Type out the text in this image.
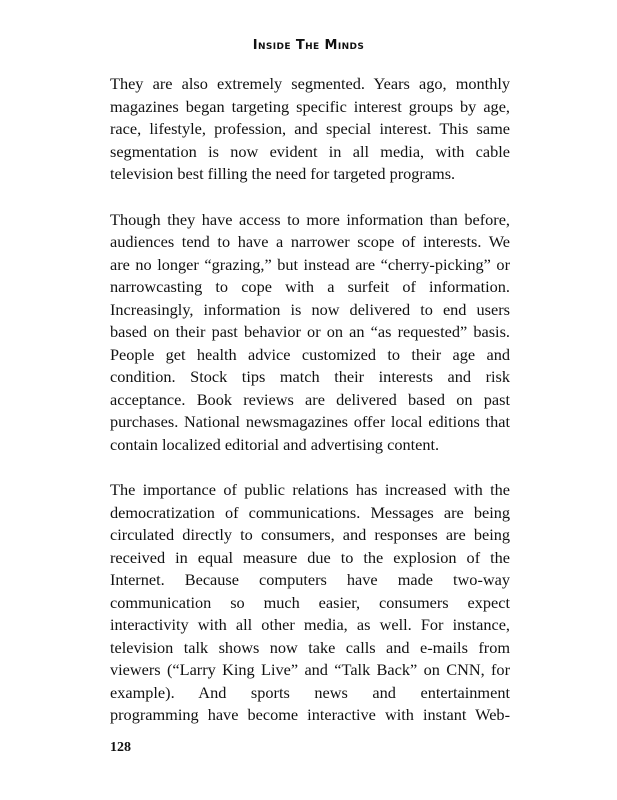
Inside The Minds
They are also extremely segmented. Years ago, monthly
magazines began targeting specific interest groups by age,
race, lifestyle, profession, and special interest. This same
segmentation is now evident in all media, with cable
television best filling the need for targeted programs.
Though they have access to more information than before,
audiences tend to have a narrower scope of interests. We
are no longer “grazing,” but instead are “cherry-picking” or
narrowcasting to cope with a surfeit of information.
Increasingly, information is now delivered to end users
based on their past behavior or on an “as requested” basis.
People get health advice customized to their age and
condition. Stock tips match their interests and risk
acceptance. Book reviews are delivered based on past
purchases. National newsmagazines offer local editions that
contain localized editorial and advertising content.
The importance of public relations has increased with the
democratization of communications. Messages are being
circulated directly to consumers, and responses are being
received in equal measure due to the explosion of the
Internet. Because computers have made two-way
communication so much easier, consumers expect
interactivity with all other media, as well. For instance,
television talk shows now take calls and e-mails from
viewers (“Larry King Live” and “Talk Back” on CNN, for
example). And sports news and entertainment
programming have become interactive with instant Web-
128
